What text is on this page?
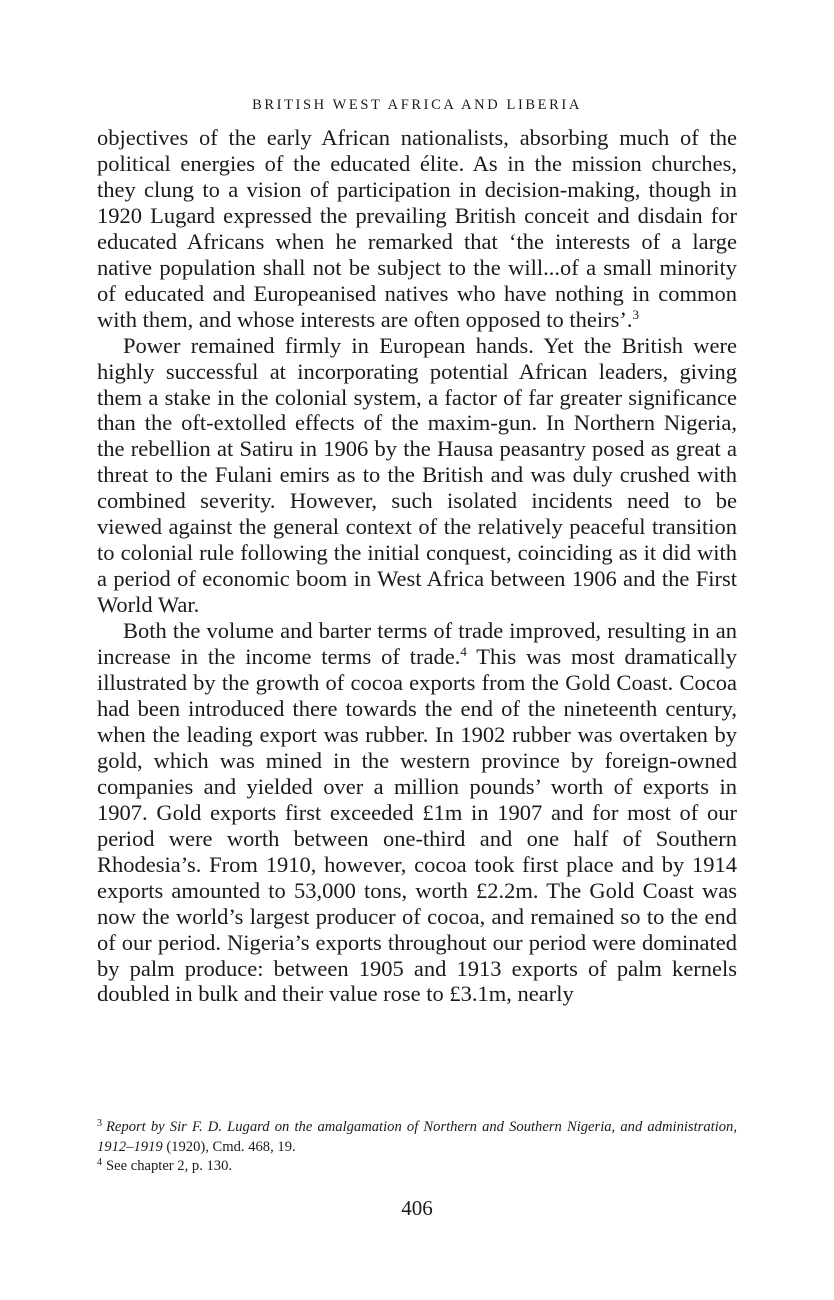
BRITISH WEST AFRICA AND LIBERIA

objectives of the early African nationalists, absorbing much of the political energies of the educated élite. As in the mission churches, they clung to a vision of participation in decision-making, though in 1920 Lugard expressed the prevailing British conceit and disdain for educated Africans when he remarked that ‘the interests of a large native population shall not be subject to the will...of a small minority of educated and Europeanised natives who have nothing in common with them, and whose interests are often opposed to theirs’.$^3$

Power remained firmly in European hands. Yet the British were highly successful at incorporating potential African leaders, giving them a stake in the colonial system, a factor of far greater significance than the oft-extolled effects of the maxim-gun. In Northern Nigeria, the rebellion at Satiru in 1906 by the Hausa peasantry posed as great a threat to the Fulani emirs as to the British and was duly crushed with combined severity. However, such isolated incidents need to be viewed against the general context of the relatively peaceful transition to colonial rule following the initial conquest, coinciding as it did with a period of economic boom in West Africa between 1906 and the First World War.

Both the volume and barter terms of trade improved, resulting in an increase in the income terms of trade.$^4$ This was most dramatically illustrated by the growth of cocoa exports from the Gold Coast. Cocoa had been introduced there towards the end of the nineteenth century, when the leading export was rubber. In 1902 rubber was overtaken by gold, which was mined in the western province by foreign-owned companies and yielded over a million pounds’ worth of exports in 1907. Gold exports first exceeded £1m in 1907 and for most of our period were worth between one-third and one half of Southern Rhodesia’s. From 1910, however, cocoa took first place and by 1914 exports amounted to 53,000 tons, worth £2.2m. The Gold Coast was now the world’s largest producer of cocoa, and remained so to the end of our period. Nigeria’s exports throughout our period were dominated by palm produce: between 1905 and 1913 exports of palm kernels doubled in bulk and their value rose to £3.1m, nearly

$^3$ Report by Sir F. D. Lugard on the amalgamation of Northern and Southern Nigeria, and administration, 1912–1919 (1920), Cmd. 468, 19.

$^4$ See chapter 2, p. 130.

406
